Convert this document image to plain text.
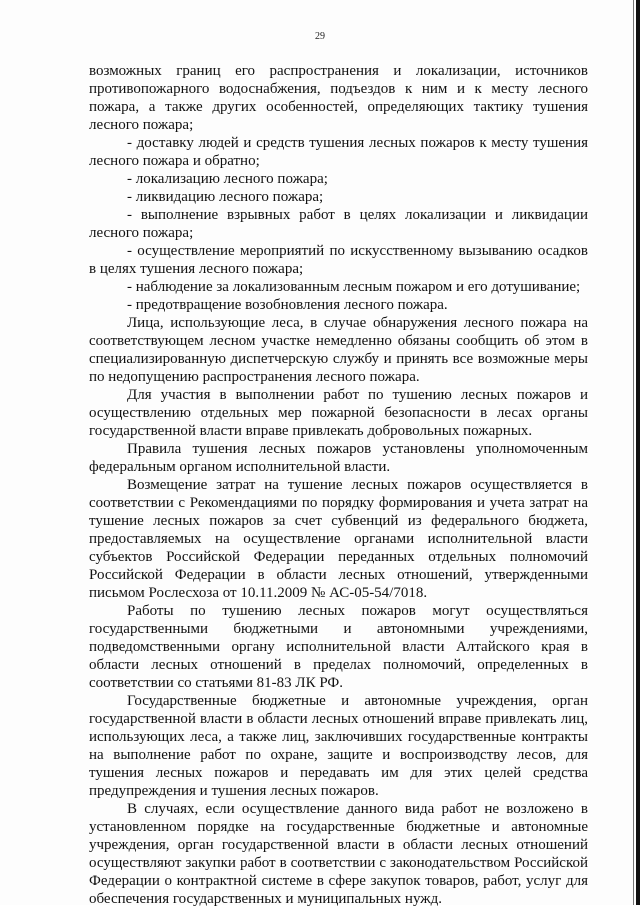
29

возможных границ его распространения и локализации, источников противопожарного водоснабжения, подъездов к ним и к месту лесного пожара, а также других особенностей, определяющих тактику тушения лесного пожара;

- доставку людей и средств тушения лесных пожаров к месту тушения лесного пожара и обратно;

- локализацию лесного пожара;

- ликвидацию лесного пожара;

- выполнение взрывных работ в целях локализации и ликвидации лесного пожара;

- осуществление мероприятий по искусственному вызыванию осадков в целях тушения лесного пожара;

- наблюдение за локализованным лесным пожаром и его дотушивание;

- предотвращение возобновления лесного пожара.

Лица, использующие леса, в случае обнаружения лесного пожара на соответствующем лесном участке немедленно обязаны сообщить об этом в специализированную диспетчерскую службу и принять все возможные меры по недопущению распространения лесного пожара.

Для участия в выполнении работ по тушению лесных пожаров и осуществлению отдельных мер пожарной безопасности в лесах органы государственной власти вправе привлекать добровольных пожарных.

Правила тушения лесных пожаров установлены уполномоченным федеральным органом исполнительной власти.

Возмещение затрат на тушение лесных пожаров осуществляется в соответствии с Рекомендациями по порядку формирования и учета затрат на тушение лесных пожаров за счет субвенций из федерального бюджета, предоставляемых на осуществление органами исполнительной власти субъектов Российской Федерации переданных отдельных полномочий Российской Федерации в области лесных отношений, утвержденными письмом Рослесхоза от 10.11.2009 № АС-05-54/7018.

Работы по тушению лесных пожаров могут осуществляться государственными бюджетными и автономными учреждениями, подведомственными органу исполнительной власти Алтайского края в области лесных отношений в пределах полномочий, определенных в соответствии со статьями 81-83 ЛК РФ.

Государственные бюджетные и автономные учреждения, орган государственной власти в области лесных отношений вправе привлекать лиц, использующих леса, а также лиц, заключивших государственные контракты на выполнение работ по охране, защите и воспроизводству лесов, для тушения лесных пожаров и передавать им для этих целей средства предупреждения и тушения лесных пожаров.

В случаях, если осуществление данного вида работ не возложено в установленном порядке на государственные бюджетные и автономные учреждения, орган государственной власти в области лесных отношений осуществляют закупки работ в соответствии с законодательством Российской Федерации о контрактной системе в сфере закупок товаров, работ, услуг для обеспечения государственных и муниципальных нужд.
